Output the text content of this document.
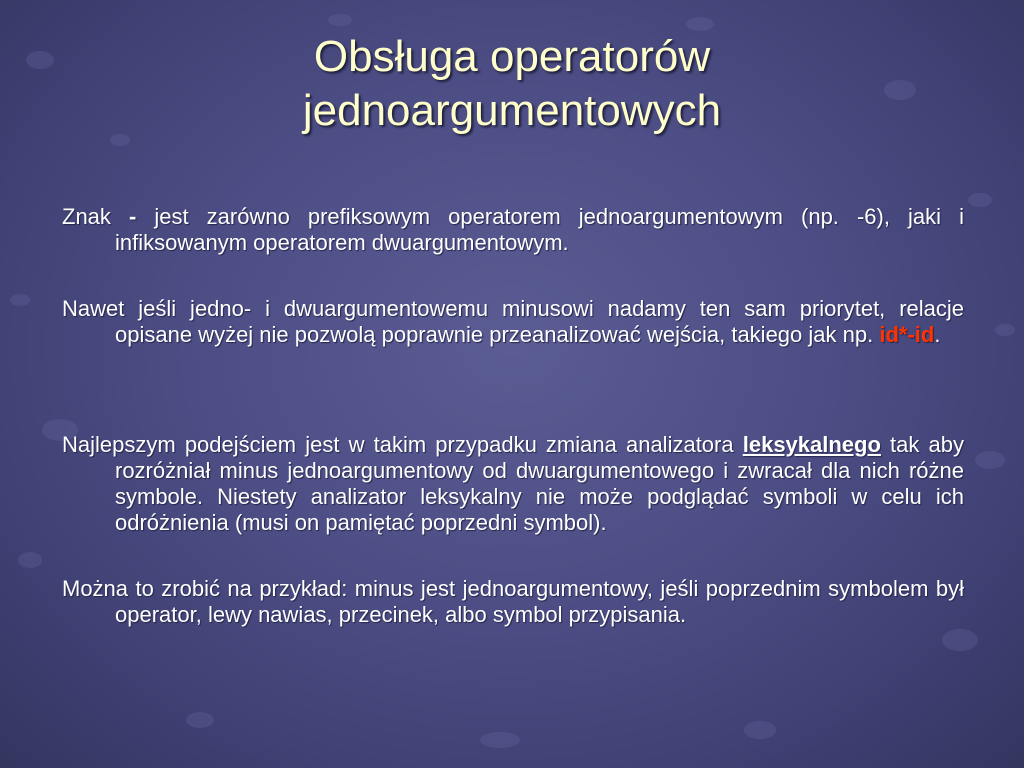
Obsługa operatorów
jednoargumentowych

Znak - jest zarówno prefiksowym operatorem jednoargumentowym (np. -6), jaki i infiksowanym operatorem dwuargumentowym.

Nawet jeśli jedno- i dwuargumentowemu minusowi nadamy ten sam priorytet, relacje opisane wyżej nie pozwolą poprawnie przeanalizować wejścia, takiego jak np. id*-id.

Najlepszym podejściem jest w takim przypadku zmiana analizatora leksykalnego tak aby rozróżniał minus jednoargumentowy od dwuargumentowego i zwracał dla nich różne symbole. Niestety analizator leksykalny nie może podglądać symboli w celu ich odróżnienia (musi on pamiętać poprzedni symbol).

Można to zrobić na przykład: minus jest jednoargumentowy, jeśli poprzednim symbolem był operator, lewy nawias, przecinek, albo symbol przypisania.
